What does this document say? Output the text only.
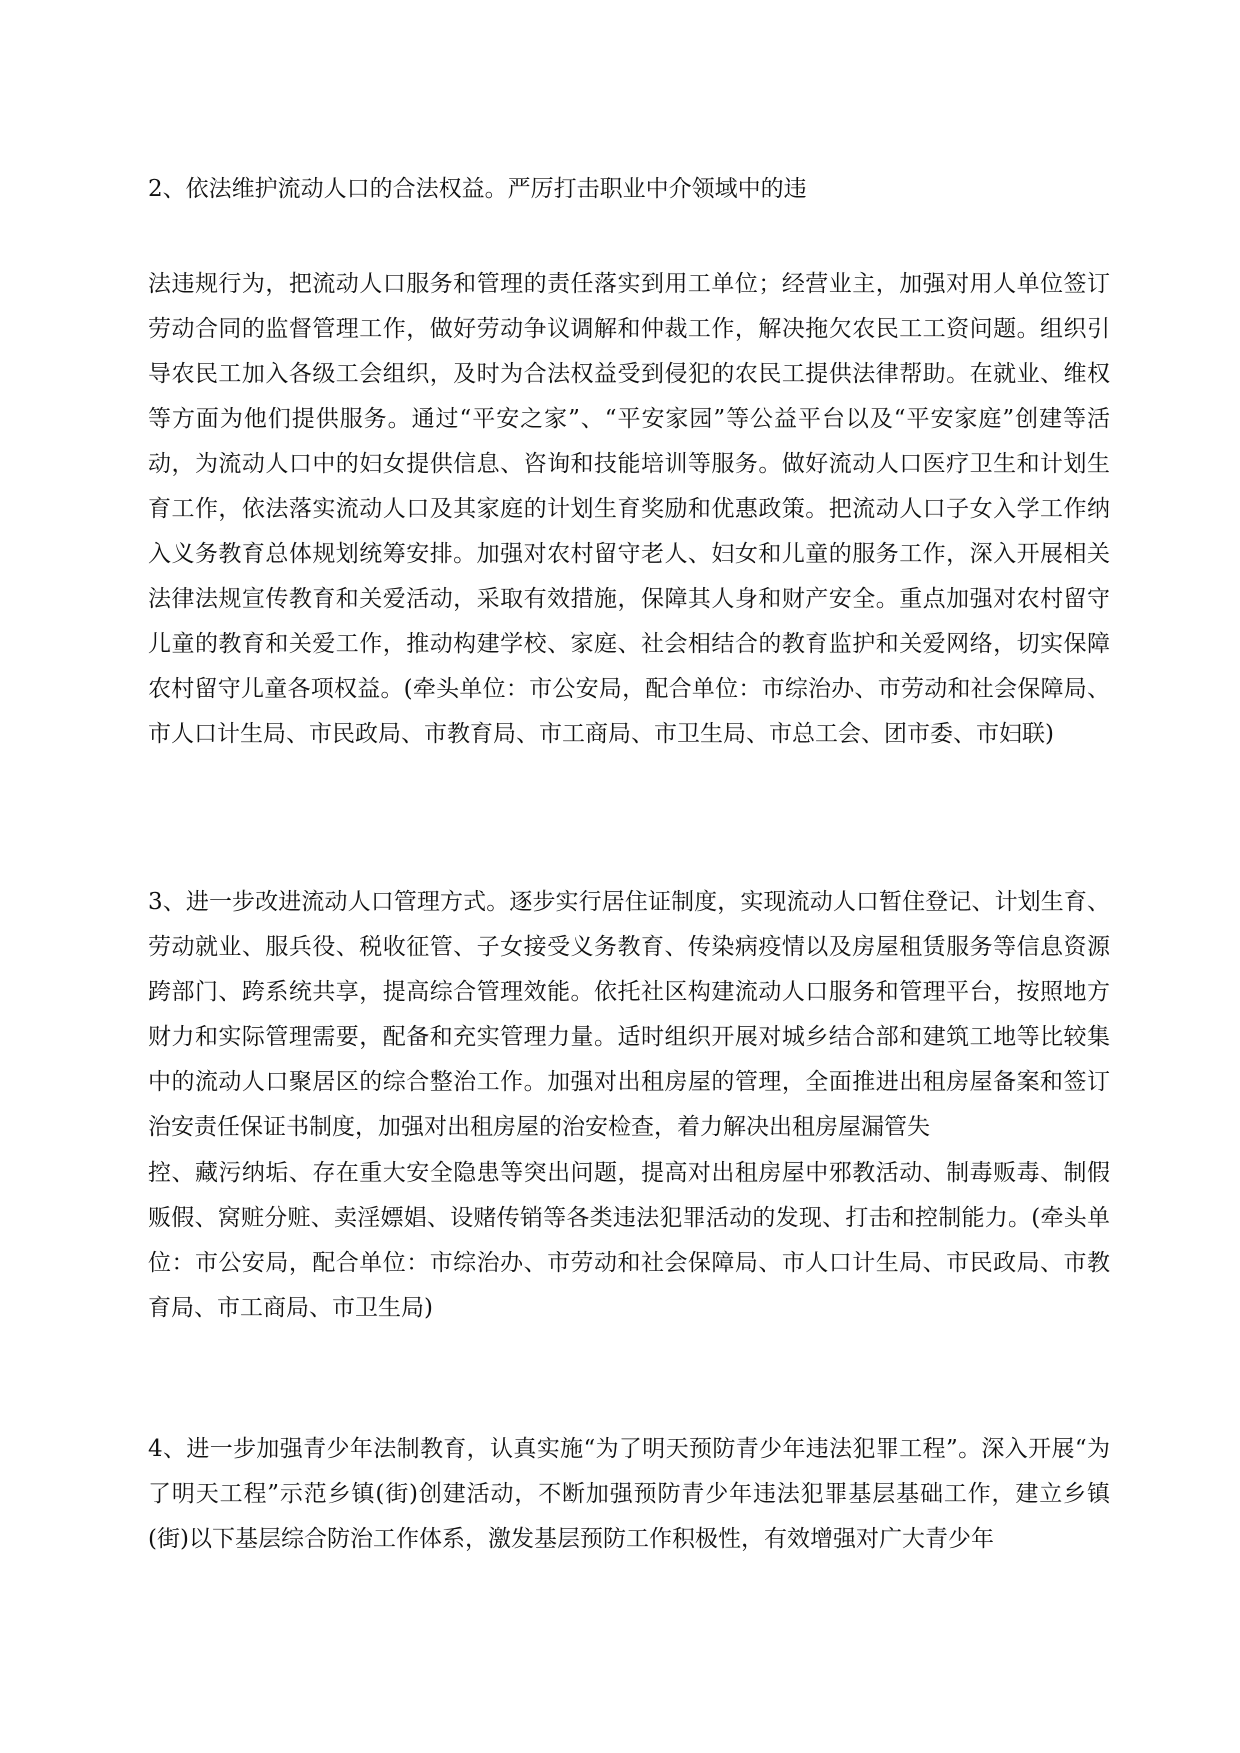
2、依法维护流动人口的合法权益。严厉打击职业中介领域中的违

法违规行为，把流动人口服务和管理的责任落实到用工单位；经营业主，加强对用人单位签订劳动合同的监督管理工作，做好劳动争议调解和仲裁工作，解决拖欠农民工工资问题。组织引导农民工加入各级工会组织，及时为合法权益受到侵犯的农民工提供法律帮助。在就业、维权等方面为他们提供服务。通过“平安之家”、“平安家园”等公益平台以及“平安家庭”创建等活动，为流动人口中的妇女提供信息、咨询和技能培训等服务。做好流动人口医疗卫生和计划生育工作，依法落实流动人口及其家庭的计划生育奖励和优惠政策。把流动人口子女入学工作纳入义务教育总体规划统筹安排。加强对农村留守老人、妇女和儿童的服务工作，深入开展相关法律法规宣传教育和关爱活动，采取有效措施，保障其人身和财产安全。重点加强对农村留守儿童的教育和关爱工作，推动构建学校、家庭、社会相结合的教育监护和关爱网络，切实保障农村留守儿童各项权益。(牵头单位：市公安局，配合单位：市综治办、市劳动和社会保障局、市人口计生局、市民政局、市教育局、市工商局、市卫生局、市总工会、团市委、市妇联)

3、进一步改进流动人口管理方式。逐步实行居住证制度，实现流动人口暂住登记、计划生育、劳动就业、服兵役、税收征管、子女接受义务教育、传染病疫情以及房屋租赁服务等信息资源跨部门、跨系统共享，提高综合管理效能。依托社区构建流动人口服务和管理平台，按照地方财力和实际管理需要，配备和充实管理力量。适时组织开展对城乡结合部和建筑工地等比较集中的流动人口聚居区的综合整治工作。加强对出租房屋的管理，全面推进出租房屋备案和签订治安责任保证书制度，加强对出租房屋的治安检查，着力解决出租房屋漏管失

控、藏污纳垢、存在重大安全隐患等突出问题，提高对出租房屋中邪教活动、制毒贩毒、制假贩假、窝赃分赃、卖淫嫖娼、设赌传销等各类违法犯罪活动的发现、打击和控制能力。(牵头单位：市公安局，配合单位：市综治办、市劳动和社会保障局、市人口计生局、市民政局、市教育局、市工商局、市卫生局)

4、进一步加强青少年法制教育，认真实施“为了明天预防青少年违法犯罪工程”。深入开展“为了明天工程”示范乡镇(街)创建活动，不断加强预防青少年违法犯罪基层基础工作，建立乡镇(街)以下基层综合防治工作体系，激发基层预防工作积极性，有效增强对广大青少年
